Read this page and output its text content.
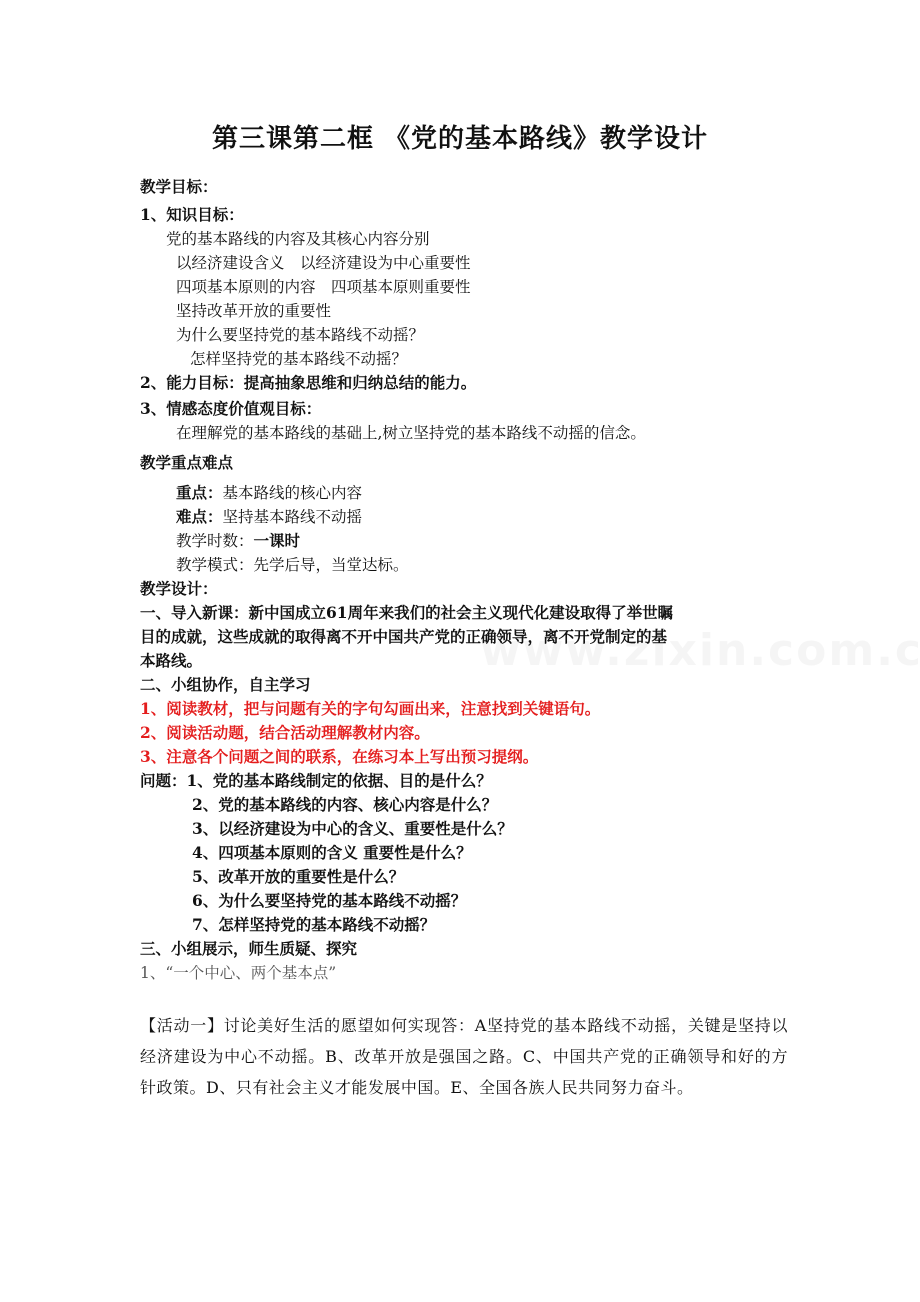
第三课第二框 《党的基本路线》教学设计
教学目标：
1、知识目标：
党的基本路线的内容及其核心内容分别
以经济建设含义　以经济建设为中心重要性
四项基本原则的内容　四项基本原则重要性
坚持改革开放的重要性
为什么要坚持党的基本路线不动摇？
怎样坚持党的基本路线不动摇？
2、能力目标：提高抽象思维和归纳总结的能力。
3、情感态度价值观目标：
在理解党的基本路线的基础上,树立坚持党的基本路线不动摇的信念。
教学重点难点
重点：基本路线的核心内容
难点：坚持基本路线不动摇
教学时数：一课时
教学模式：先学后导，当堂达标。
教学设计：
一、导入新课：新中国成立61周年来我们的社会主义现代化建设取得了举世瞩
目的成就，这些成就的取得离不开中国共产党的正确领导，离不开党制定的基
本路线。
二、小组协作，自主学习
1、阅读教材，把与问题有关的字句勾画出来，注意找到关键语句。
2、阅读活动题，结合活动理解教材内容。
3、注意各个问题之间的联系，在练习本上写出预习提纲。
问题：1、党的基本路线制定的依据、目的是什么？
2、党的基本路线的内容、核心内容是什么？
3、以经济建设为中心的含义、重要性是什么？
4、四项基本原则的含义 重要性是什么？
5、改革开放的重要性是什么？
6、为什么要坚持党的基本路线不动摇？
7、怎样坚持党的基本路线不动摇？
三、小组展示，师生质疑、探究
1、“一个中心、两个基本点”
【活动一】讨论美好生活的愿望如何实现答：A坚持党的基本路线不动摇，关键是坚持以经济建设为中心不动摇。B、改革开放是强国之路。C、中国共产党的正确领导和好的方针政策。D、只有社会主义才能发展中国。E、全国各族人民共同努力奋斗。
